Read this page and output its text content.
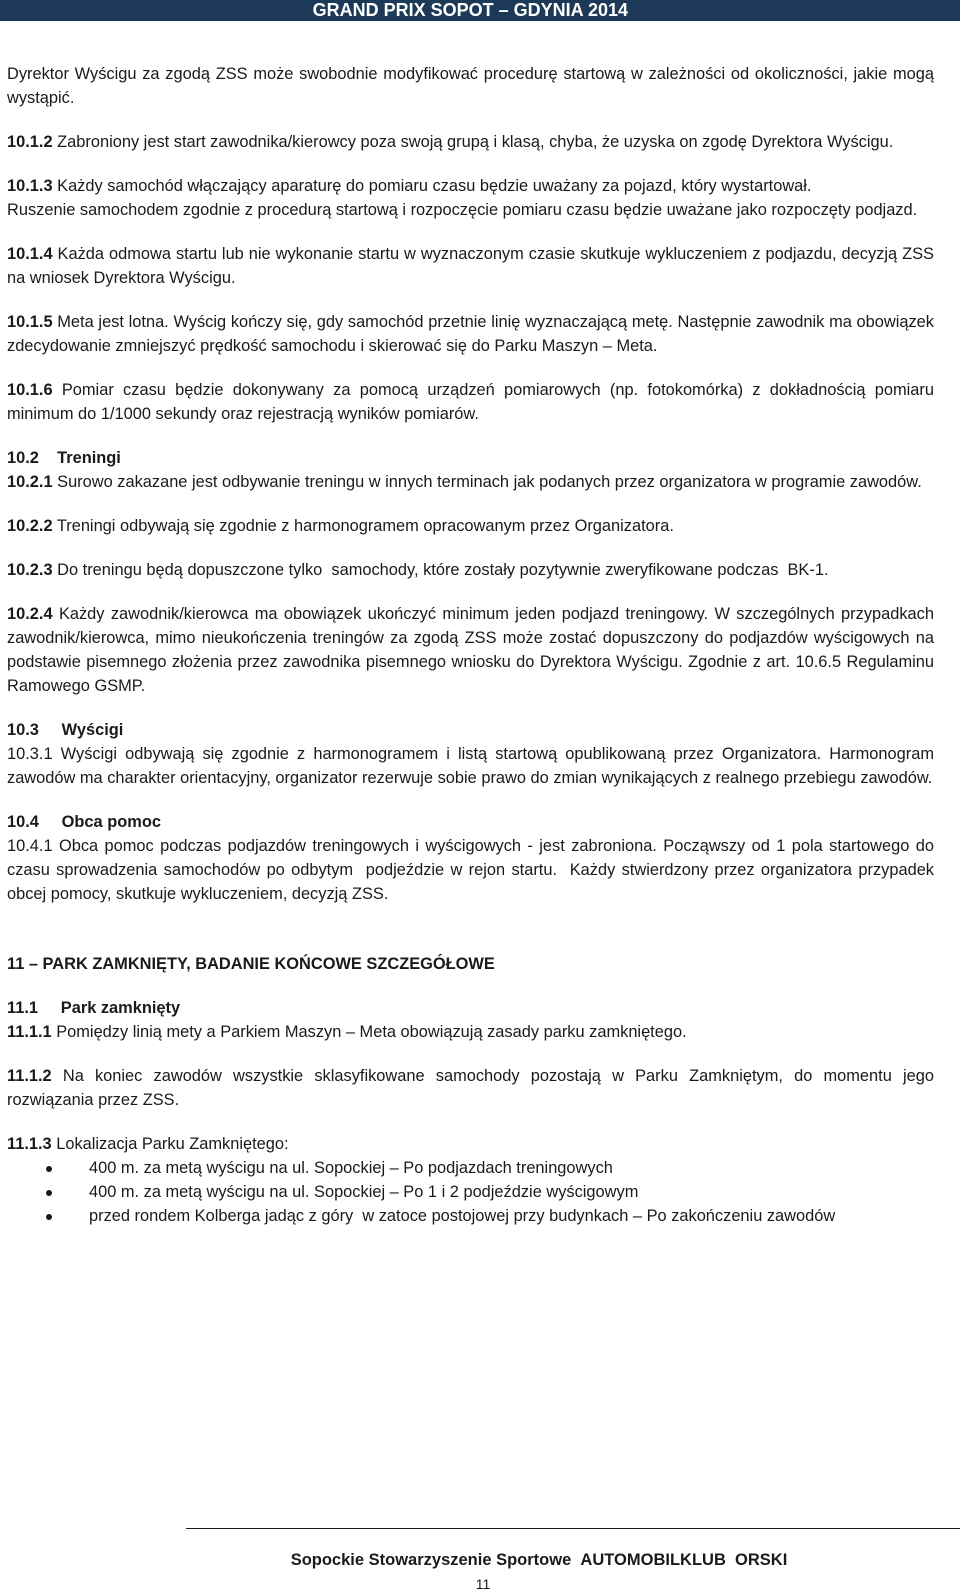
GRAND PRIX SOPOT – GDYNIA 2014

Dyrektor Wyścigu za zgodą ZSS może swobodnie modyfikować procedurę startową w zależności od okoliczności, jakie mogą wystąpić.

10.1.2 Zabroniony jest start zawodnika/kierowcy poza swoją grupą i klasą, chyba, że uzyska on zgodę Dyrektora Wyścigu.

10.1.3 Każdy samochód włączający aparaturę do pomiaru czasu będzie uważany za pojazd, który wystartował.

Ruszenie samochodem zgodnie z procedurą startową i rozpoczęcie pomiaru czasu będzie uważane jako rozpoczęty podjazd.

10.1.4 Każda odmowa startu lub nie wykonanie startu w wyznaczonym czasie skutkuje wykluczeniem z podjazdu, decyzją ZSS na wniosek Dyrektora Wyścigu.

10.1.5 Meta jest lotna. Wyścig kończy się, gdy samochód przetnie linię wyznaczającą metę. Następnie zawodnik ma obowiązek zdecydowanie zmniejszyć prędkość samochodu i skierować się do Parku Maszyn – Meta.

10.1.6 Pomiar czasu będzie dokonywany za pomocą urządzeń pomiarowych (np. fotokomórka) z dokładnością pomiaru minimum do 1/1000 sekundy oraz rejestracją wyników pomiarów.

10.2    Treningi

10.2.1 Surowo zakazane jest odbywanie treningu w innych terminach jak podanych przez organizatora w programie zawodów.

10.2.2 Treningi odbywają się zgodnie z harmonogramem opracowanym przez Organizatora.

10.2.3 Do treningu będą dopuszczone tylko  samochody, które zostały pozytywnie zweryfikowane podczas  BK-1.

10.2.4 Każdy zawodnik/kierowca ma obowiązek ukończyć minimum jeden podjazd treningowy. W szczególnych przypadkach zawodnik/kierowca, mimo nieukończenia treningów za zgodą ZSS może zostać dopuszczony do podjazdów wyścigowych na podstawie pisemnego złożenia przez zawodnika pisemnego wniosku do Dyrektora Wyścigu. Zgodnie z art. 10.6.5 Regulaminu Ramowego GSMP.

10.3     Wyścigi

10.3.1 Wyścigi odbywają się zgodnie z harmonogramem i listą startową opublikowaną przez Organizatora. Harmonogram zawodów ma charakter orientacyjny, organizator rezerwuje sobie prawo do zmian wynikających z realnego przebiegu zawodów.

10.4     Obca pomoc

10.4.1 Obca pomoc podczas podjazdów treningowych i wyścigowych - jest zabroniona. Począwszy od 1 pola startowego do czasu sprowadzenia samochodów po odbytym  podjeździe w rejon startu.  Każdy stwierdzony przez organizatora przypadek obcej pomocy, skutkuje wykluczeniem, decyzją ZSS.

11 – PARK ZAMKNIĘTY, BADANIE KOŃCOWE SZCZEGÓŁOWE

11.1     Park zamknięty

11.1.1 Pomiędzy linią mety a Parkiem Maszyn – Meta obowiązują zasady parku zamkniętego.

11.1.2 Na koniec zawodów wszystkie sklasyfikowane samochody pozostają w Parku Zamkniętym, do momentu jego rozwiązania przez ZSS.

11.1.3 Lokalizacja Parku Zamkniętego:

400 m. za metą wyścigu na ul. Sopockiej – Po podjazdach treningowych
400 m. za metą wyścigu na ul. Sopockiej – Po 1 i 2 podjeździe wyścigowym
przed rondem Kolberga jadąc z góry  w zatoce postojowej przy budynkach – Po zakończeniu zawodów
Sopockie Stowarzyszenie Sportowe  AUTOMOBILKLUB  ORSKI
11
